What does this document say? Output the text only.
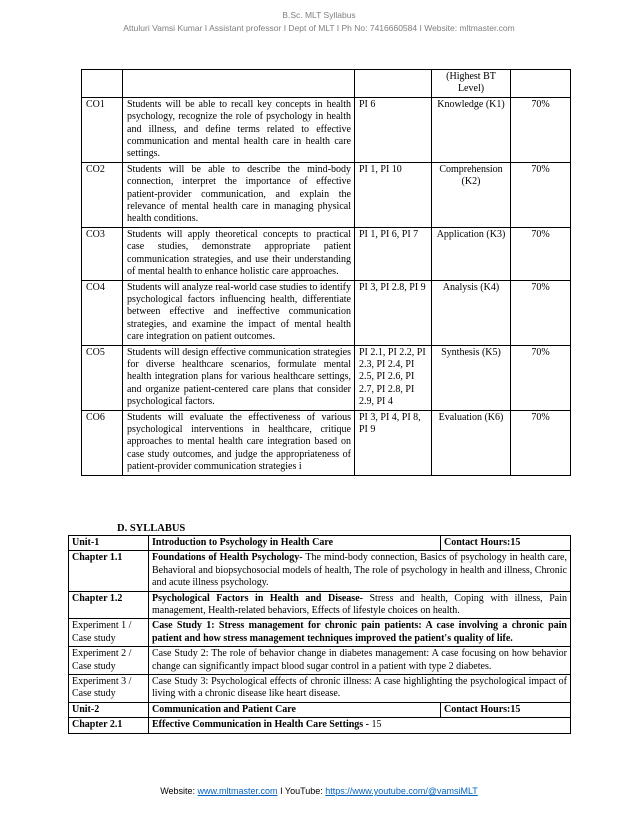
B.Sc. MLT Syllabus
Attuluri Vamsi Kumar I Assistant professor I Dept of MLT I Ph No: 7416660584 I Website: mltmaster.com
			(Highest BT Level)	
CO1	Students will be able to recall key concepts in health psychology, recognize the role of psychology in health and illness, and define terms related to effective communication and mental health care in health care settings.	PI 6	Knowledge (K1)	70%
CO2	Students will be able to describe the mind-body connection, interpret the importance of effective patient-provider communication, and explain the relevance of mental health care in managing physical health conditions.	PI 1, PI 10	Comprehension (K2)	70%
CO3	Students will apply theoretical concepts to practical case studies, demonstrate appropriate patient communication strategies, and use their understanding of mental health to enhance holistic care approaches.	PI 1, PI 6, PI 7	Application (K3)	70%
CO4	Students will analyze real-world case studies to identify psychological factors influencing health, differentiate between effective and ineffective communication strategies, and examine the impact of mental health care integration on patient outcomes.	PI 3, PI 2.8, PI 9	Analysis (K4)	70%
CO5	Students will design effective communication strategies for diverse healthcare scenarios, formulate mental health integration plans for various healthcare settings, and organize patient-centered care plans that consider psychological factors.	PI 2.1, PI 2.2, PI 2.3, PI 2.4, PI 2.5, PI 2.6, PI 2.7, PI 2.8, PI 2.9, PI 4	Synthesis (K5)	70%
CO6	Students will evaluate the effectiveness of various psychological interventions in healthcare, critique approaches to mental health care integration based on case study outcomes, and judge the appropriateness of patient-provider communication strategies i	PI 3, PI 4, PI 8, PI 9	Evaluation (K6)	70%
D. SYLLABUS
Unit-1	Introduction to Psychology in Health Care	Contact Hours:15
Chapter 1.1	Foundations of Health Psychology- The mind-body connection, Basics of psychology in health care, Behavioral and biopsychosocial models of health, The role of psychology in health and illness, Chronic and acute illness psychology.	
Chapter 1.2	Psychological Factors in Health and Disease- Stress and health, Coping with illness, Pain management, Health-related behaviors, Effects of lifestyle choices on health.	
Experiment 1 / Case study	Case Study 1: Stress management for chronic pain patients: A case involving a chronic pain patient and how stress management techniques improved the patient's quality of life.	
Experiment 2 / Case study	Case Study 2: The role of behavior change in diabetes management: A case focusing on how behavior change can significantly impact blood sugar control in a patient with type 2 diabetes.	
Experiment 3 / Case study	Case Study 3: Psychological effects of chronic illness: A case highlighting the psychological impact of living with a chronic disease like heart disease.	
Unit-2	Communication and Patient Care	Contact Hours:15
Chapter 2.1	Effective Communication in Health Care Settings - 15	
Website: www.mltmaster.com I YouTube: https://www.youtube.com/@vamsiMLT
